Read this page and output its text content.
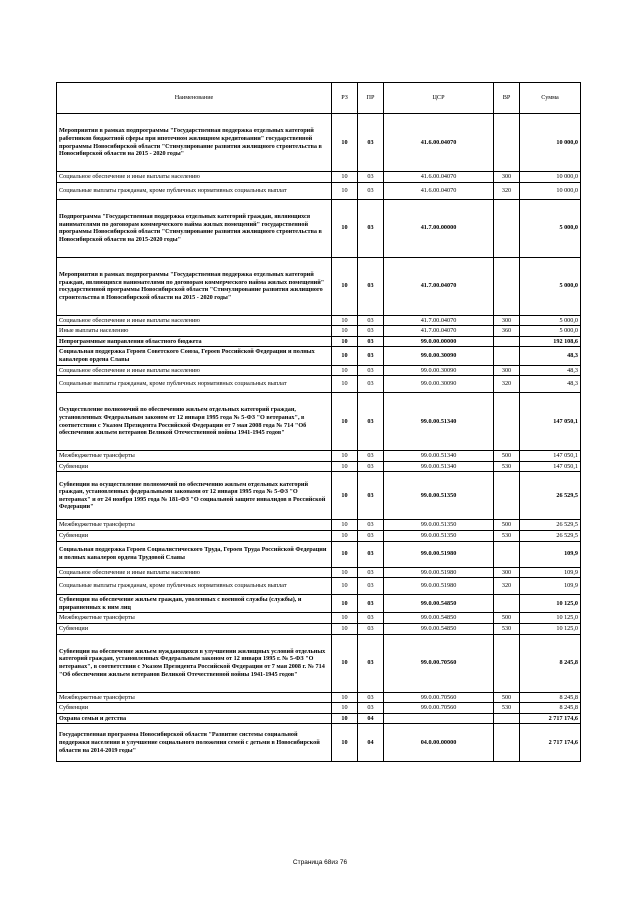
Наименование	РЗ	ПР	ЦСР	ВР	Сумма
Мероприятия в рамках подпрограммы "Государственная поддержка отдельных категорий работников бюджетной сферы при ипотечном жилищном кредитовании" государственной программы Новосибирской области "Стимулирование развития жилищного строительства в Новосибирской области на 2015 - 2020 годы"	10	03	41.6.00.04070		10 000,0
Социальное обеспечение и иные выплаты населению	10	03	41.6.00.04070	300	10 000,0
Социальные выплаты гражданам, кроме публичных нормативных социальных выплат	10	03	41.6.00.04070	320	10 000,0
Подпрограмма "Государственная поддержка отдельных категорий граждан, являющихся нанимателями по договорам коммерческого найма жилых помещений" государственной программы Новосибирской области "Стимулирование развития жилищного строительства в Новосибирской области на 2015-2020 годы"	10	03	41.7.00.00000		5 000,0
Мероприятия в рамках подпрограммы "Государственная поддержка отдельных категорий граждан, являющихся нанимателями по договорам коммерческого найма жилых помещений" государственной программы Новосибирской области "Стимулирование развития жилищного строительства в Новосибирской области на 2015 - 2020 годы"	10	03	41.7.00.04070		5 000,0
Социальное обеспечение и иные выплаты населению	10	03	41.7.00.04070	300	5 000,0
Иные выплаты населению	10	03	41.7.00.04070	360	5 000,0
Непрограммные направления областного бюджета	10	03	99.0.00.00000		192 108,6
Социальная поддержка Героев Советского Союза, Героев Российской Федерации и полных кавалеров ордена Славы	10	03	99.0.00.30090		48,3
Социальное обеспечение и иные выплаты населению	10	03	99.0.00.30090	300	48,3
Социальные выплаты гражданам, кроме публичных нормативных социальных выплат	10	03	99.0.00.30090	320	48,3
Осуществление полномочий по обеспечению жильем отдельных категорий граждан, установленных Федеральным законом от 12 января 1995 года № 5-ФЗ "О ветеранах", в соответствии с Указом Президента Российской Федерации от 7 мая 2008 года № 714 "Об обеспечении жильем ветеранов Великой Отечественной войны 1941-1945 годов"	10	03	99.0.00.51340		147 050,1
Межбюджетные трансферты	10	03	99.0.00.51340	500	147 050,1
Субвенции	10	03	99.0.00.51340	530	147 050,1
Субвенции на осуществление полномочий по обеспечению жильем отдельных категорий граждан, установленных федеральными законами от 12 января 1995 года № 5-ФЗ "О ветеранах" и от 24 ноября 1995 года № 181-ФЗ "О социальной защите инвалидов в Российской Федерации"	10	03	99.0.00.51350		26 529,5
Межбюджетные трансферты	10	03	99.0.00.51350	500	26 529,5
Субвенции	10	03	99.0.00.51350	530	26 529,5
Социальная поддержка Героев Социалистического Труда, Героев Труда Российской Федерации и полных кавалеров ордена Трудовой Славы	10	03	99.0.00.51980		109,9
Социальное обеспечение и иные выплаты населению	10	03	99.0.00.51980	300	109,9
Социальные выплаты гражданам, кроме публичных нормативных социальных выплат	10	03	99.0.00.51980	320	109,9
Субвенции на обеспечение жильем граждан, уволенных с военной службы (службы), и приравненных к ним лиц	10	03	99.0.00.54850		10 125,0
Межбюджетные трансферты	10	03	99.0.00.54850	500	10 125,0
Субвенции	10	03	99.0.00.54850	530	10 125,0
Субвенции на обеспечение жильем нуждающихся в улучшении жилищных условий отдельных категорий граждан, установленных Федеральным законом от 12 января 1995 г. № 5-ФЗ "О ветеранах", в соответствии с Указом Президента Российской Федерации от 7 мая 2008 г. № 714 "Об обеспечении жильем ветеранов Великой Отечественной войны 1941-1945 годов"	10	03	99.0.00.70560		8 245,8
Межбюджетные трансферты	10	03	99.0.00.70560	500	8 245,8
Субвенции	10	03	99.0.00.70560	530	8 245,8
Охрана семьи и детства	10	04			2 717 174,6
Государственная программа Новосибирской области "Развитие системы социальной поддержки населения и улучшение социального положения семей с детьми в Новосибирской области на 2014-2019 годы"	10	04	04.0.00.00000		2 717 174,6
Страница 68из 76
